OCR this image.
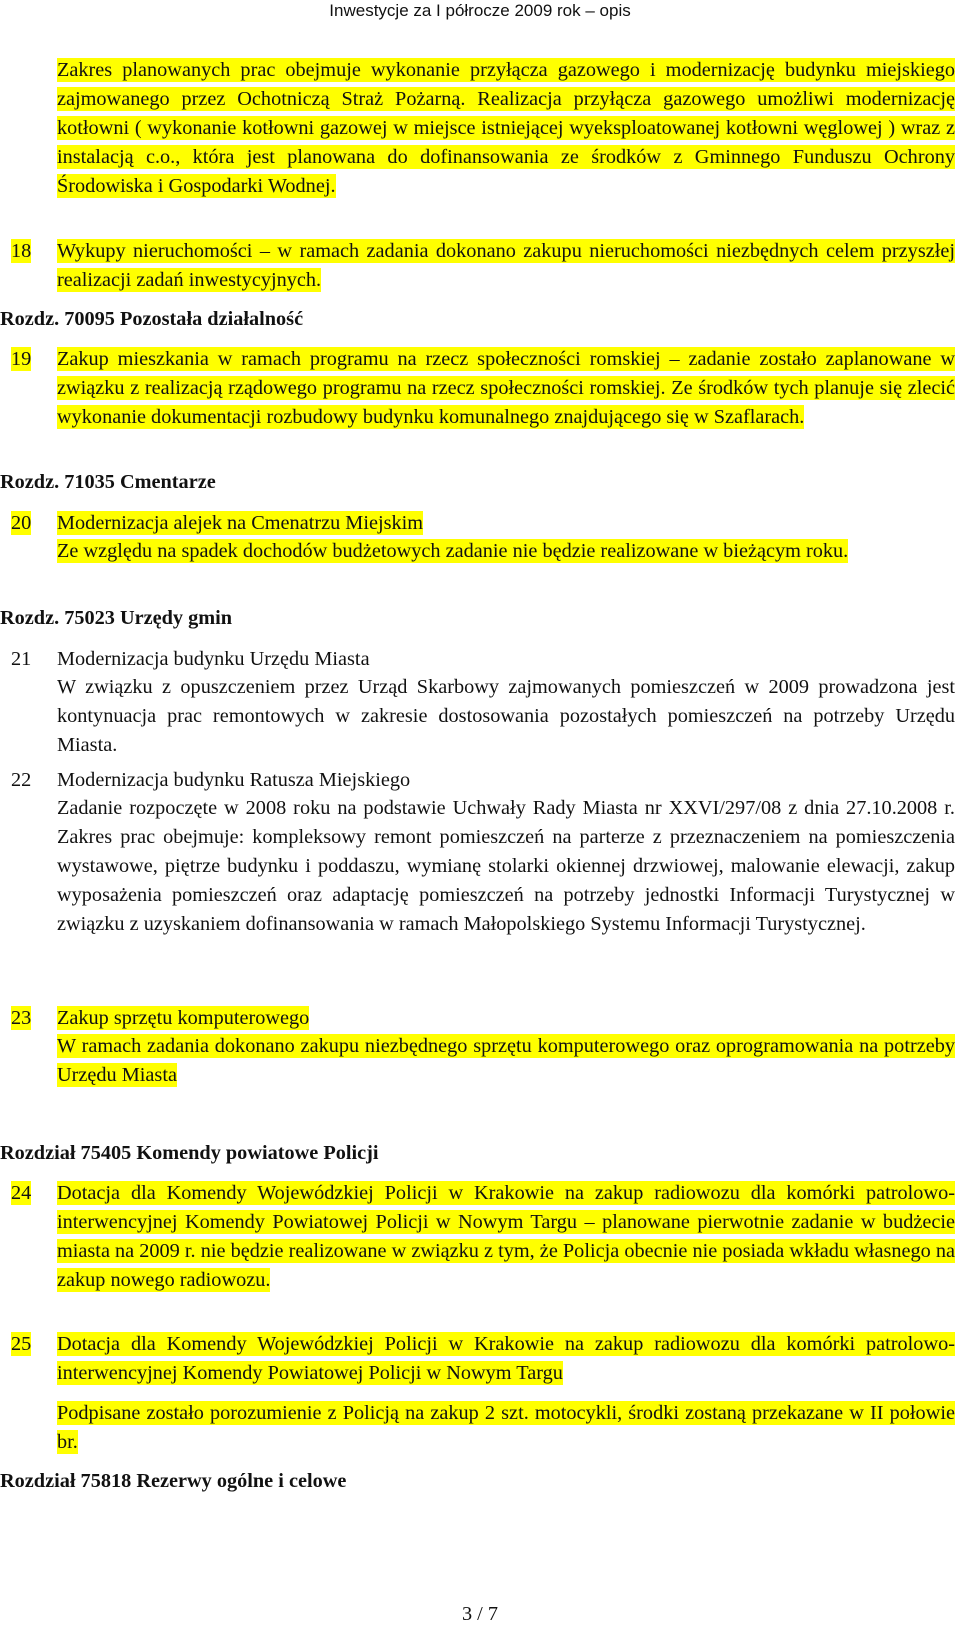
Inwestycje za I półrocze 2009 rok – opis

Zakres planowanych prac obejmuje wykonanie przyłącza gazowego i modernizację budynku miejskiego zajmowanego przez Ochotniczą Straż Pożarną. Realizacja przyłącza gazowego umożliwi modernizację kotłowni ( wykonanie kotłowni gazowej w miejsce istniejącej wyeksploatowanej kotłowni węglowej ) wraz z instalacją c.o., która jest planowana do dofinansowania ze środków z Gminnego Funduszu Ochrony Środowiska i Gospodarki Wodnej.

18 Wykupy nieruchomości – w ramach zadania dokonano zakupu nieruchomości niezbędnych celem przyszłej realizacji zadań inwestycyjnych.

Rozdz. 70095 Pozostała działalność
19 Zakup mieszkania w ramach programu na rzecz społeczności romskiej – zadanie zostało zaplanowane w związku z realizacją rządowego programu na rzecz społeczności romskiej. Ze środków tych planuje się zlecić wykonanie dokumentacji rozbudowy budynku komunalnego znajdującego się w Szaflarach.

Rozdz. 71035 Cmentarze
20 Modernizacja alejek na Cmenatrzu Miejskim

Ze względu na spadek dochodów budżetowych zadanie nie będzie realizowane w bieżącym roku.

Rozdz. 75023 Urzędy gmin
21 Modernizacja budynku Urzędu Miasta

W związku z opuszczeniem przez Urząd Skarbowy zajmowanych pomieszczeń w 2009 prowadzona jest kontynuacja prac remontowych w zakresie dostosowania pozostałych pomieszczeń na potrzeby Urzędu Miasta.

22 Modernizacja budynku Ratusza Miejskiego

Zadanie rozpoczęte w 2008 roku na podstawie Uchwały Rady Miasta nr XXVI/297/08 z dnia 27.10.2008 r. Zakres prac obejmuje: kompleksowy remont pomieszczeń na parterze z przeznaczeniem na pomieszczenia wystawowe, piętrze budynku i poddaszu, wymianę stolarki okiennej drzwiowej, malowanie elewacji, zakup wyposażenia pomieszczeń oraz adaptację pomieszczeń na potrzeby jednostki Informacji Turystycznej w związku z uzyskaniem dofinansowania w ramach Małopolskiego Systemu Informacji Turystycznej.

23 Zakup sprzętu komputerowego

W ramach zadania dokonano zakupu niezbędnego sprzętu komputerowego oraz oprogramowania na potrzeby Urzędu Miasta

Rozdział 75405 Komendy powiatowe Policji
24 Dotacja dla Komendy Wojewódzkiej Policji w Krakowie na zakup radiowozu dla komórki patrolowo-interwencyjnej Komendy Powiatowej Policji w Nowym Targu – planowane pierwotnie zadanie w budżecie miasta na 2009 r. nie będzie realizowane w związku z tym, że Policja obecnie nie posiada wkładu własnego na zakup nowego radiowozu.

25 Dotacja dla Komendy Wojewódzkiej Policji w Krakowie na zakup radiowozu dla komórki patrolowo-interwencyjnej Komendy Powiatowej Policji w Nowym Targu

Podpisane zostało porozumienie z Policją na zakup 2 szt. motocykli, środki zostaną przekazane w II połowie br.

Rozdział 75818 Rezerwy ogólne i celowe
3 / 7
